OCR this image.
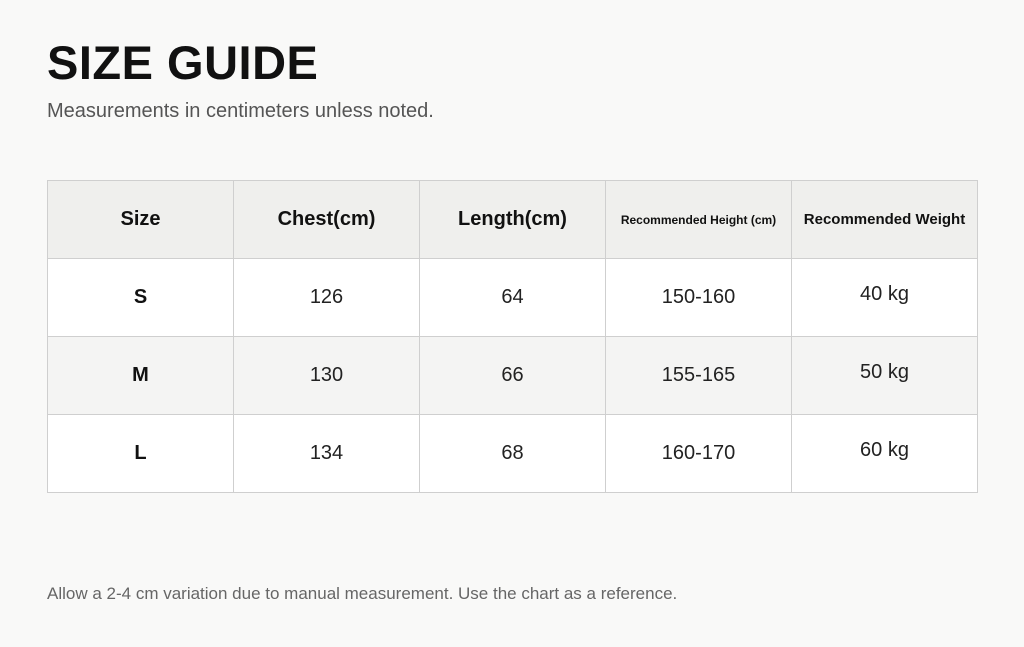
SIZE GUIDE

Measurements in centimeters unless noted.

Size	Chest(cm)	Length(cm)	Recommended Height (cm)	Recommended Weight
S	126	64	150-160	40 kg
M	130	66	155-165	50 kg
L	134	68	160-170	60 kg

Allow a 2-4 cm variation due to manual measurement. Use the chart as a reference.
